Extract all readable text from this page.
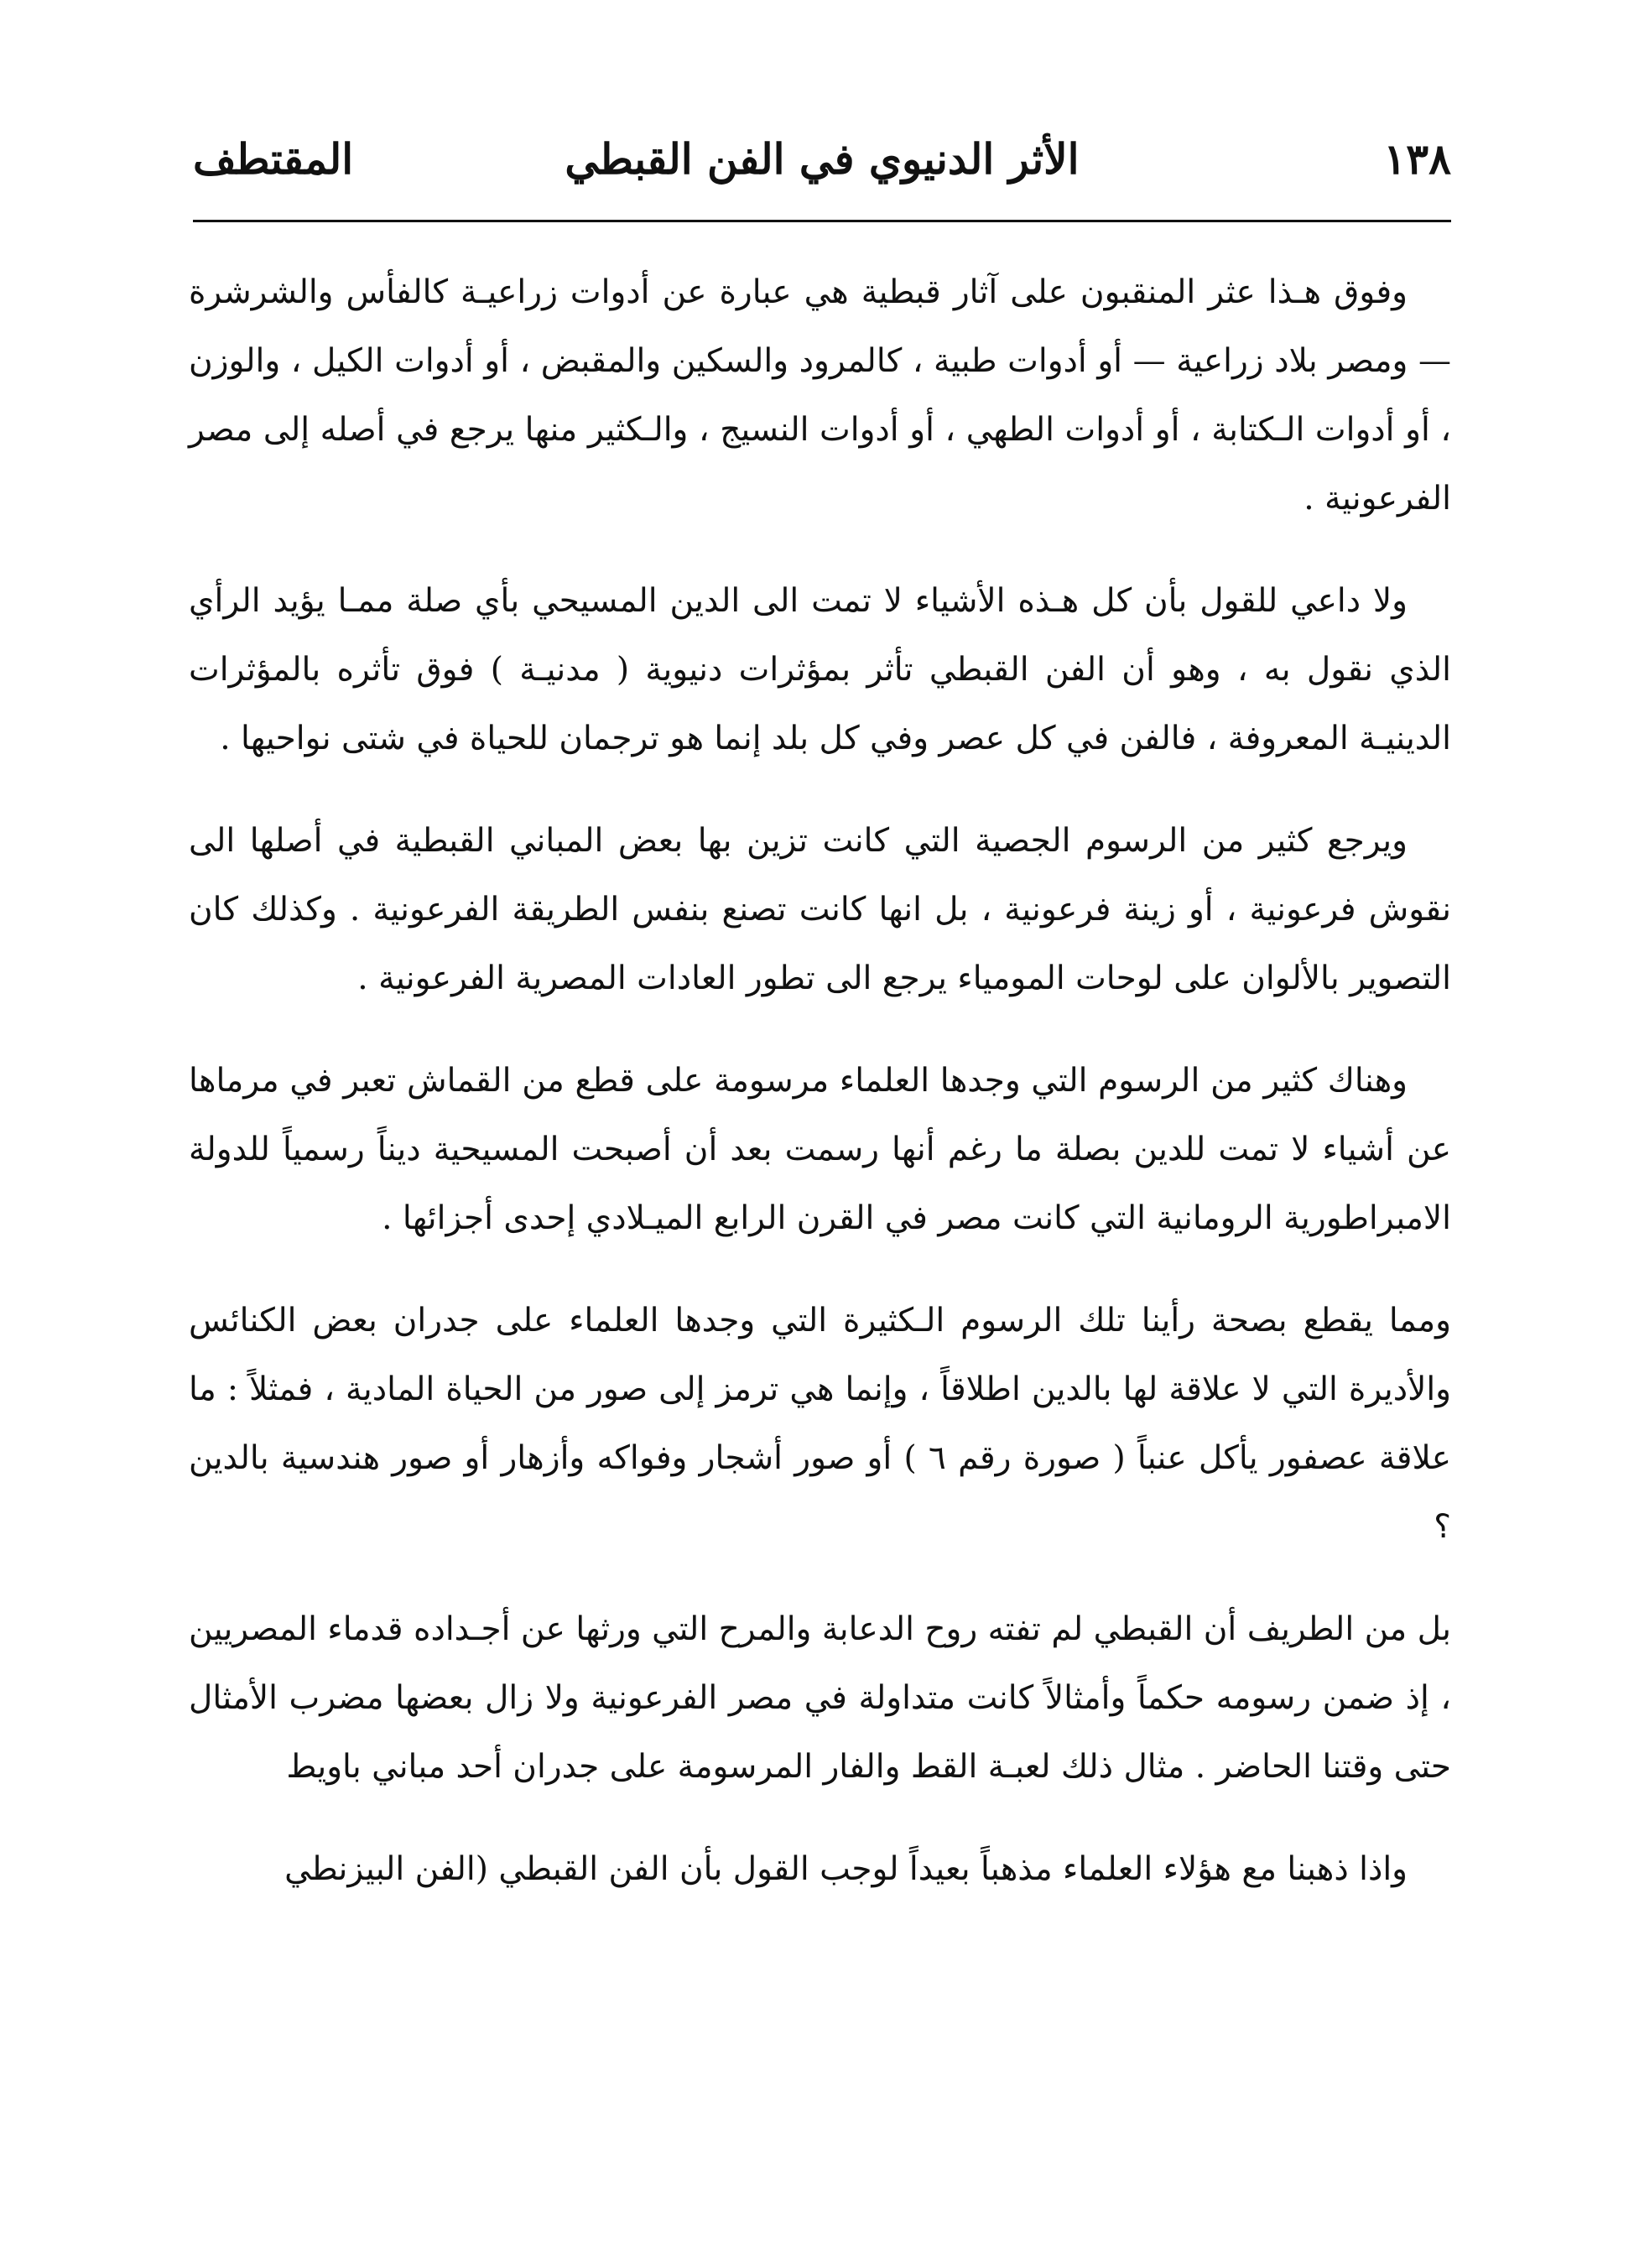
١٣٨
الأثر الدنيوي في الفن القبطي
المقتطف

وفوق هـذا عثر المنقبون على آثار قبطية هي عبارة عن أدوات زراعيـة كالفأس والشرشرة — ومصر بلاد زراعية — أو أدوات طبية ، كالمرود والسكين والمقبض ، أو أدوات الكيل ، والوزن ، أو أدوات الـكتابة ، أو أدوات الطهي ، أو أدوات النسيج ، والـكثير منها يرجع في أصله إلى مصر الفرعونية .

ولا داعي للقول بأن كل هـذه الأشياء لا تمت الى الدين المسيحي بأي صلة ممـا يؤيد الرأي الذي نقول به ، وهو أن الفن القبطي تأثر بمؤثرات دنيوية ( مدنيـة ) فوق تأثره بالمؤثرات الدينيـة المعروفة ، فالفن في كل عصر وفي كل بلد إنما هو ترجمان للحياة في شتى نواحيها .

ويرجع كثير من الرسوم الجصية التي كانت تزين بها بعض المباني القبطية في أصلها الى نقوش فرعونية ، أو زينة فرعونية ، بل انها كانت تصنع بنفس الطريقة الفرعونية . وكذلك كان التصوير بالألوان على لوحات المومياء يرجع الى تطور العادات المصرية الفرعونية .

وهناك كثير من الرسوم التي وجدها العلماء مرسومة على قطع من القماش تعبر في مرماها عن أشياء لا تمت للدين بصلة ما رغم أنها رسمت بعد أن أصبحت المسيحية ديناً رسمياً للدولة الامبراطورية الرومانية التي كانت مصر في القرن الرابع الميـلادي إحدى أجزائها .

ومما يقطع بصحة رأينا تلك الرسوم الـكثيرة التي وجدها العلماء على جدران بعض الكنائس والأديرة التي لا علاقة لها بالدين اطلاقاً ، وإنما هي ترمز إلى صور من الحياة المادية ، فمثلاً : ما علاقة عصفور يأكل عنباً ( صورة رقم ٦ ) أو صور أشجار وفواكه وأزهار أو صور هندسية بالدين ؟

بل من الطريف أن القبطي لم تفته روح الدعابة والمرح التي ورثها عن أجـداده قدماء المصريين ، إذ ضمن رسومه حكماً وأمثالاً كانت متداولة في مصر الفرعونية ولا زال بعضها مضرب الأمثال حتى وقتنا الحاضر . مثال ذلك لعبـة القط والفار المرسومة على جدران أحد مباني باويط

واذا ذهبنا مع هؤلاء العلماء مذهباً بعيداً لوجب القول بأن الفن القبطي (الفن البيزنطي
